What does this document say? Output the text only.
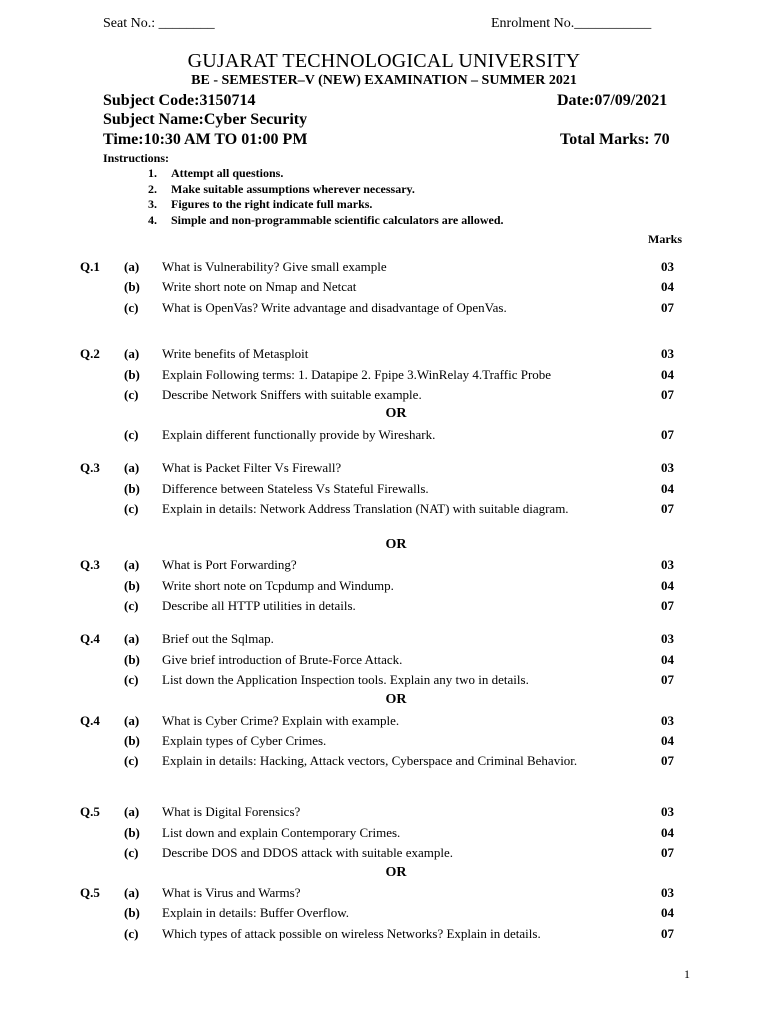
Seat No.: ________	Enrolment No.___________
GUJARAT TECHNOLOGICAL UNIVERSITY
BE - SEMESTER–V (NEW) EXAMINATION – SUMMER 2021
Subject Code:3150714	Date:07/09/2021
Subject Name:Cyber Security
Time:10:30 AM TO 01:00 PM	Total Marks: 70
Instructions:
1. Attempt all questions.
2. Make suitable assumptions wherever necessary.
3. Figures to the right indicate full marks.
4. Simple and non-programmable scientific calculators are allowed.
Marks
Q.1 (a) What is Vulnerability? Give small example	03
(b) Write short note on Nmap and Netcat	04
(c) What is OpenVas? Write advantage and disadvantage of OpenVas.	07
Q.2 (a) Write benefits of Metasploit	03
(b) Explain Following terms: 1. Datapipe 2. Fpipe 3.WinRelay 4.Traffic Probe	04
(c) Describe Network Sniffers with suitable example.	07
OR
(c) Explain different functionally provide by Wireshark.	07
Q.3 (a) What is Packet Filter Vs Firewall?	03
(b) Difference between Stateless Vs Stateful Firewalls.	04
(c) Explain in details: Network Address Translation (NAT) with suitable diagram.	07
OR
Q.3 (a) What is Port Forwarding?	03
(b) Write short note on Tcpdump and Windump.	04
(c) Describe all HTTP utilities in details.	07
Q.4 (a) Brief out the Sqlmap.	03
(b) Give brief introduction of Brute-Force Attack.	04
(c) List down the Application Inspection tools. Explain any two in details.	07
OR
Q.4 (a) What is Cyber Crime? Explain with example.	03
(b) Explain types of Cyber Crimes.	04
(c) Explain in details: Hacking, Attack vectors, Cyberspace and Criminal Behavior.	07
Q.5 (a) What is Digital Forensics?	03
(b) List down and explain Contemporary Crimes.	04
(c) Describe DOS and DDOS attack with suitable example.	07
OR
Q.5 (a) What is Virus and Warms?	03
(b) Explain in details: Buffer Overflow.	04
(c) Which types of attack possible on wireless Networks? Explain in details.	07
1
